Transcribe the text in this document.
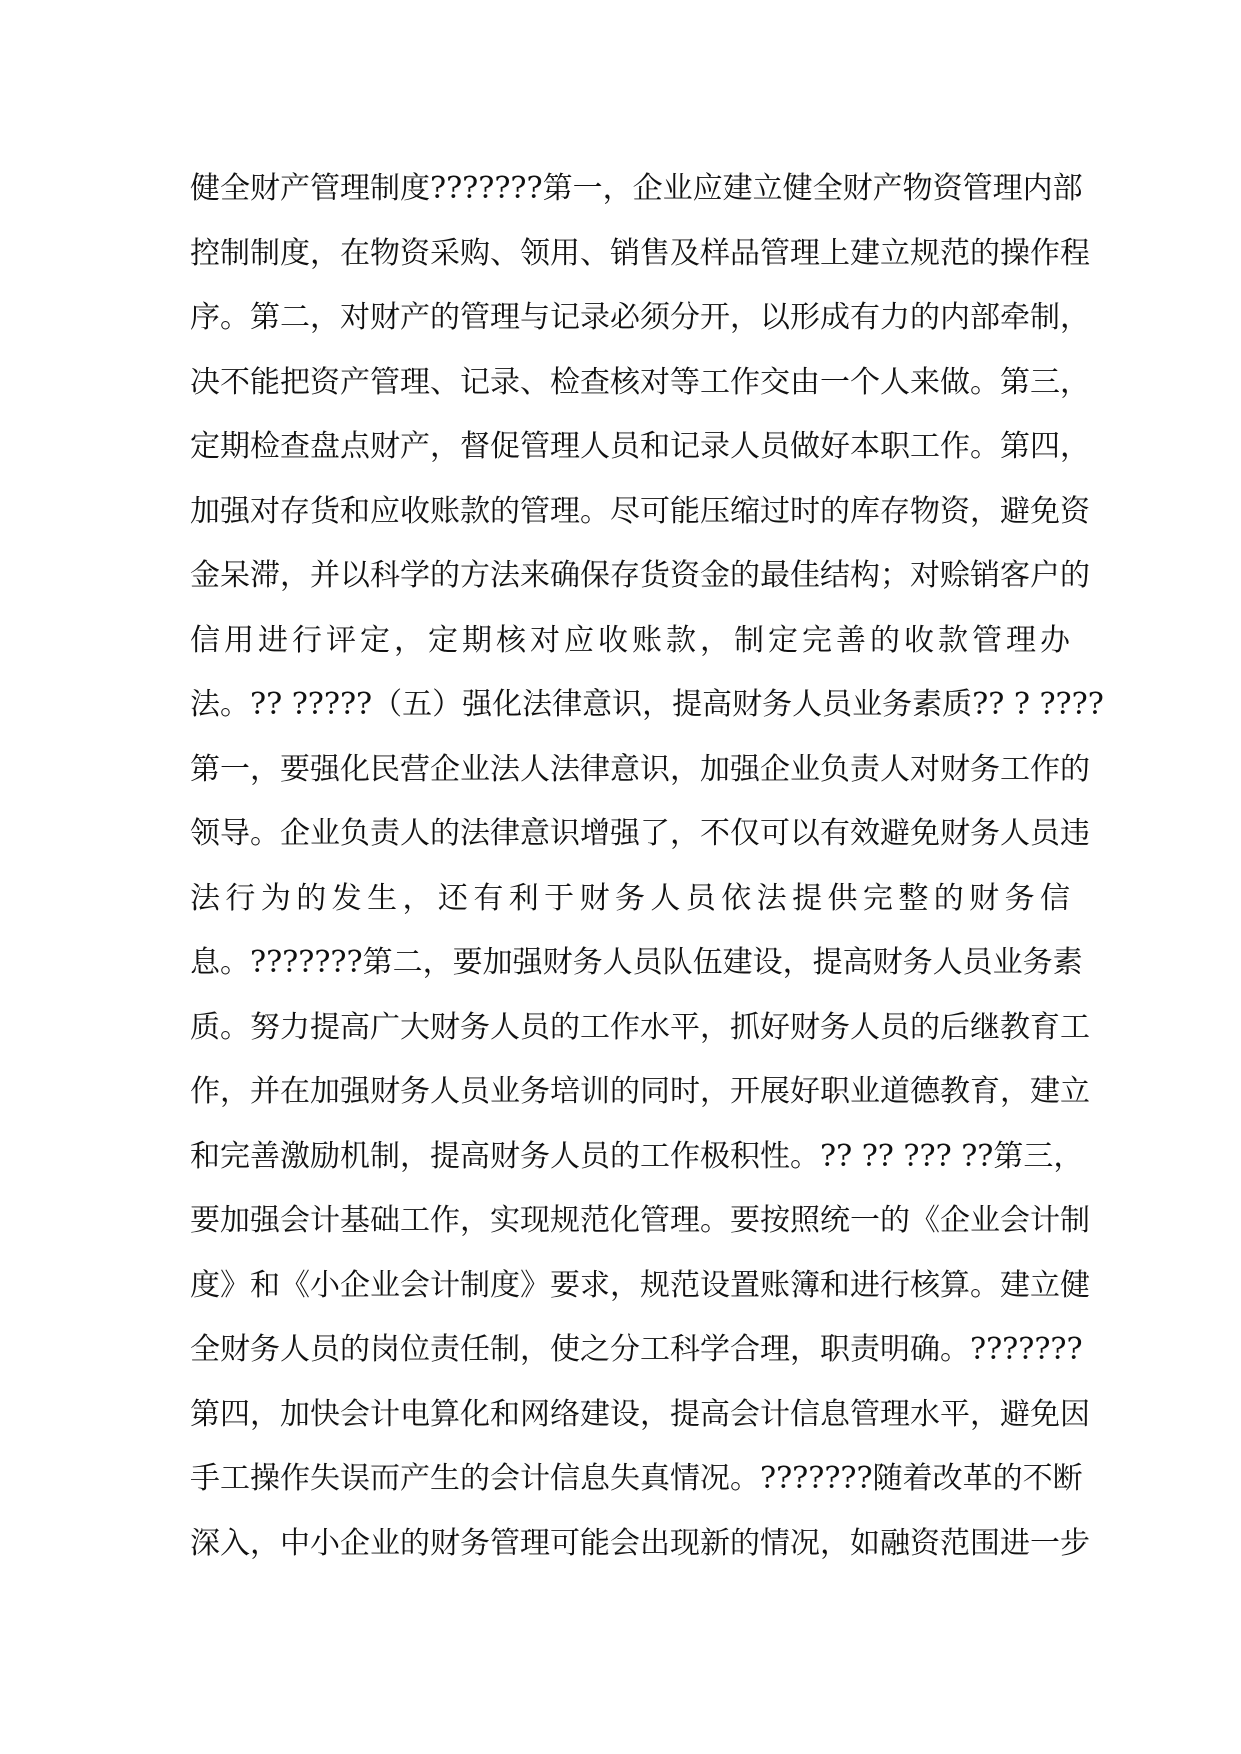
健全财产管理制度???????第一，企业应建立健全财产物资管理内部
控制制度，在物资采购、领用、销售及样品管理上建立规范的操作程
序。第二，对财产的管理与记录必须分开，以形成有力的内部牵制，
决不能把资产管理、记录、检查核对等工作交由一个人来做。第三，
定期检查盘点财产，督促管理人员和记录人员做好本职工作。第四，
加强对存货和应收账款的管理。尽可能压缩过时的库存物资，避免资
金呆滞，并以科学的方法来确保存货资金的最佳结构；对赊销客户的
信用进行评定，定期核对应收账款，制定完善的收款管理办
法。?? ?????（五）强化法律意识，提高财务人员业务素质?? ? ????
第一，要强化民营企业法人法律意识，加强企业负责人对财务工作的
领导。企业负责人的法律意识增强了，不仅可以有效避免财务人员违
法行为的发生，还有利于财务人员依法提供完整的财务信
息。???????第二，要加强财务人员队伍建设，提高财务人员业务素
质。努力提高广大财务人员的工作水平，抓好财务人员的后继教育工
作，并在加强财务人员业务培训的同时，开展好职业道德教育，建立
和完善激励机制，提高财务人员的工作极积性。?? ?? ??? ??第三，
要加强会计基础工作，实现规范化管理。要按照统一的《企业会计制
度》和《小企业会计制度》要求，规范设置账簿和进行核算。建立健
全财务人员的岗位责任制，使之分工科学合理，职责明确。???????
第四，加快会计电算化和网络建设，提高会计信息管理水平，避免因
手工操作失误而产生的会计信息失真情况。???????随着改革的不断
深入，中小企业的财务管理可能会出现新的情况，如融资范围进一步
